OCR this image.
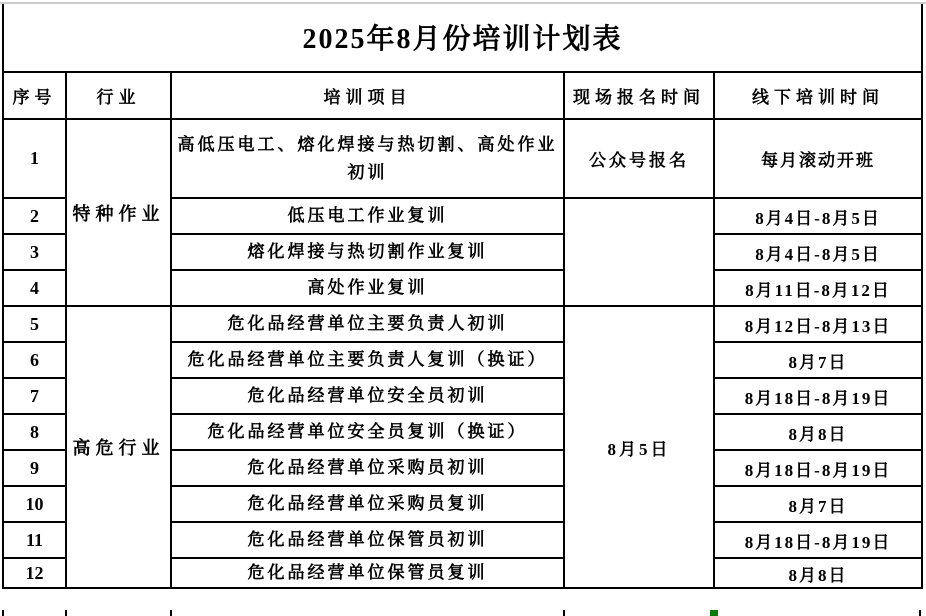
2025年8月份培训计划表				
序号	行业	培训项目	现场报名时间	线下培训时间
1	特种作业	高低压电工、熔化焊接与热切割、高处作业初训	公众号报名	每月滚动开班
2		低压电工作业复训		8月4日-8月5日
3		熔化焊接与热切割作业复训		8月4日-8月5日
4		高处作业复训		8月11日-8月12日
5	高危行业	危化品经营单位主要负责人初训	8月5日	8月12日-8月13日
6		危化品经营单位主要负责人复训（换证）		8月7日
7		危化品经营单位安全员初训		8月18日-8月19日
8		危化品经营单位安全员复训（换证）		8月8日
9		危化品经营单位采购员初训		8月18日-8月19日
10		危化品经营单位采购员复训		8月7日
11		危化品经营单位保管员初训		8月18日-8月19日
12		危化品经营单位保管员复训		8月8日
